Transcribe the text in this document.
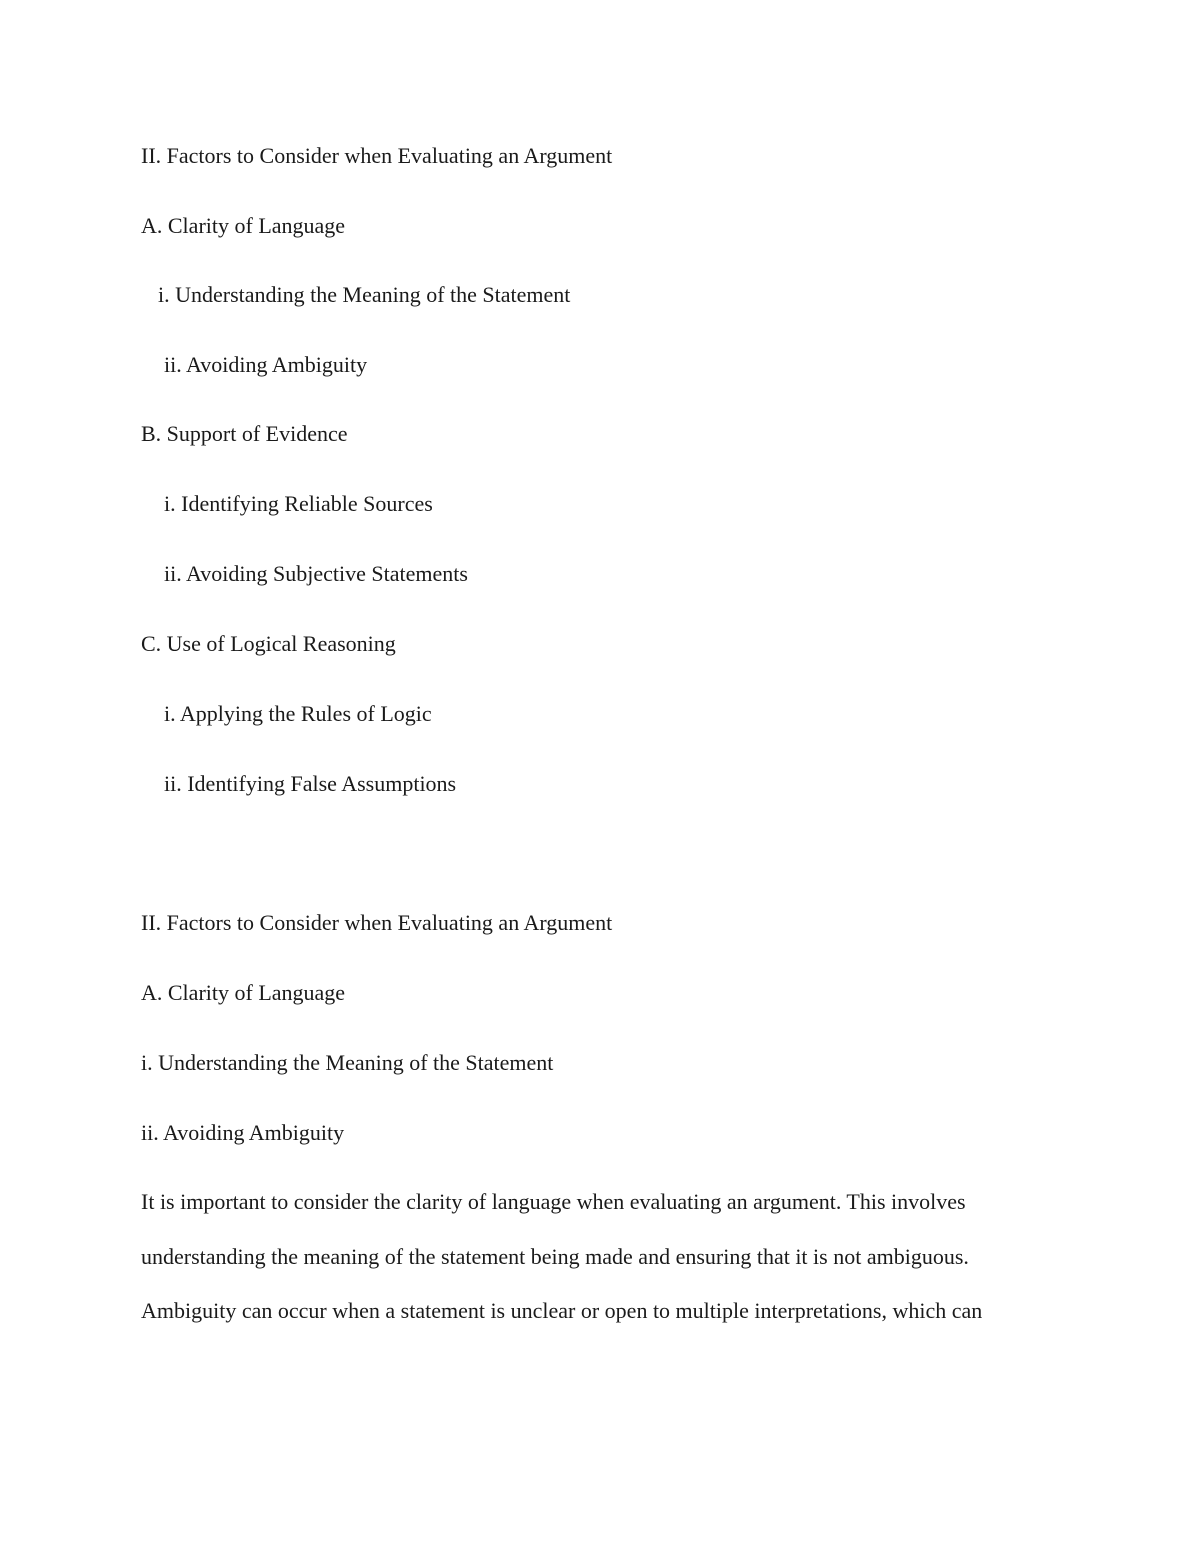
II. Factors to Consider when Evaluating an Argument
A. Clarity of Language
i. Understanding the Meaning of the Statement
ii. Avoiding Ambiguity
B. Support of Evidence
i. Identifying Reliable Sources
ii. Avoiding Subjective Statements
C. Use of Logical Reasoning
i. Applying the Rules of Logic
ii. Identifying False Assumptions
II. Factors to Consider when Evaluating an Argument
A. Clarity of Language
i. Understanding the Meaning of the Statement
ii. Avoiding Ambiguity
It is important to consider the clarity of language when evaluating an argument. This involves
understanding the meaning of the statement being made and ensuring that it is not ambiguous.
Ambiguity can occur when a statement is unclear or open to multiple interpretations, which can
